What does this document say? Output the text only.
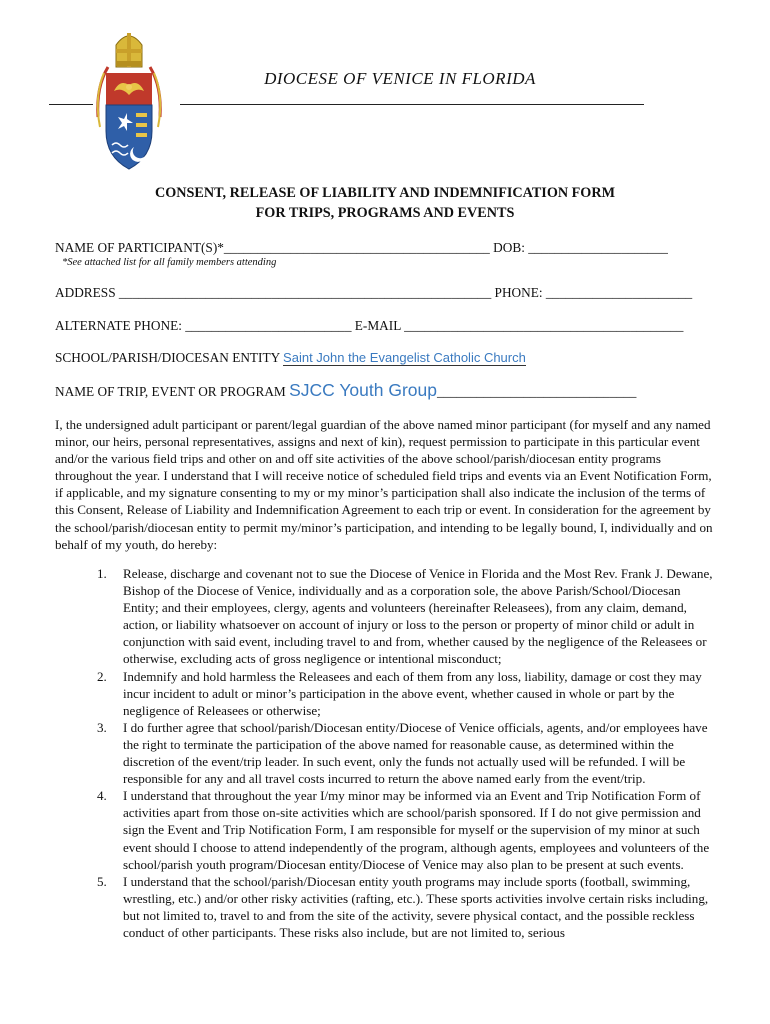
DIOCESE OF VENICE IN FLORIDA
CONSENT, RELEASE OF LIABILITY AND INDEMNIFICATION FORM
FOR TRIPS, PROGRAMS AND EVENTS
NAME OF PARTICIPANT(S)*________________________________________ DOB: _____________________
*See attached list for all family members attending
ADDRESS ________________________________________________________ PHONE: ______________________
ALTERNATE PHONE: _________________________ E-MAIL __________________________________________
SCHOOL/PARISH/DIOCESAN ENTITY Saint John the Evangelist Catholic Church
NAME OF TRIP, EVENT OR PROGRAM SJCC Youth Group______________________________
I, the undersigned adult participant or parent/legal guardian of the above named minor participant (for myself and any named minor, our heirs, personal representatives, assigns and next of kin), request permission to participate in this particular event and/or the various field trips and other on and off site activities of the above school/parish/diocesan entity programs throughout the year. I understand that I will receive notice of scheduled field trips and events via an Event Notification Form, if applicable, and my signature consenting to my or my minor’s participation shall also indicate the inclusion of the terms of this Consent, Release of Liability and Indemnification Agreement to each trip or event. In consideration for the agreement by the school/parish/diocesan entity to permit my/minor’s participation, and intending to be legally bound, I, individually and on behalf of my youth, do hereby:
1. Release, discharge and covenant not to sue the Diocese of Venice in Florida and the Most Rev. Frank J. Dewane, Bishop of the Diocese of Venice, individually and as a corporation sole, the above Parish/School/Diocesan Entity; and their employees, clergy, agents and volunteers (hereinafter Releasees), from any claim, demand, action, or liability whatsoever on account of injury or loss to the person or property of minor child or adult in conjunction with said event, including travel to and from, whether caused by the negligence of the Releasees or otherwise, excluding acts of gross negligence or intentional misconduct;
2. Indemnify and hold harmless the Releasees and each of them from any loss, liability, damage or cost they may incur incident to adult or minor’s participation in the above event, whether caused in whole or part by the negligence of Releasees or otherwise;
3. I do further agree that school/parish/Diocesan entity/Diocese of Venice officials, agents, and/or employees have the right to terminate the participation of the above named for reasonable cause, as determined within the discretion of the event/trip leader. In such event, only the funds not actually used will be refunded. I will be responsible for any and all travel costs incurred to return the above named early from the event/trip.
4. I understand that throughout the year I/my minor may be informed via an Event and Trip Notification Form of activities apart from those on-site activities which are school/parish sponsored. If I do not give permission and sign the Event and Trip Notification Form, I am responsible for myself or the supervision of my minor at such event should I choose to attend independently of the program, although agents, employees and volunteers of the school/parish youth program/Diocesan entity/Diocese of Venice may also plan to be present at such events.
5. I understand that the school/parish/Diocesan entity youth programs may include sports (football, swimming, wrestling, etc.) and/or other risky activities (rafting, etc.). These sports activities involve certain risks including, but not limited to, travel to and from the site of the activity, severe physical contact, and the possible reckless conduct of other participants. These risks also include, but are not limited to, serious
